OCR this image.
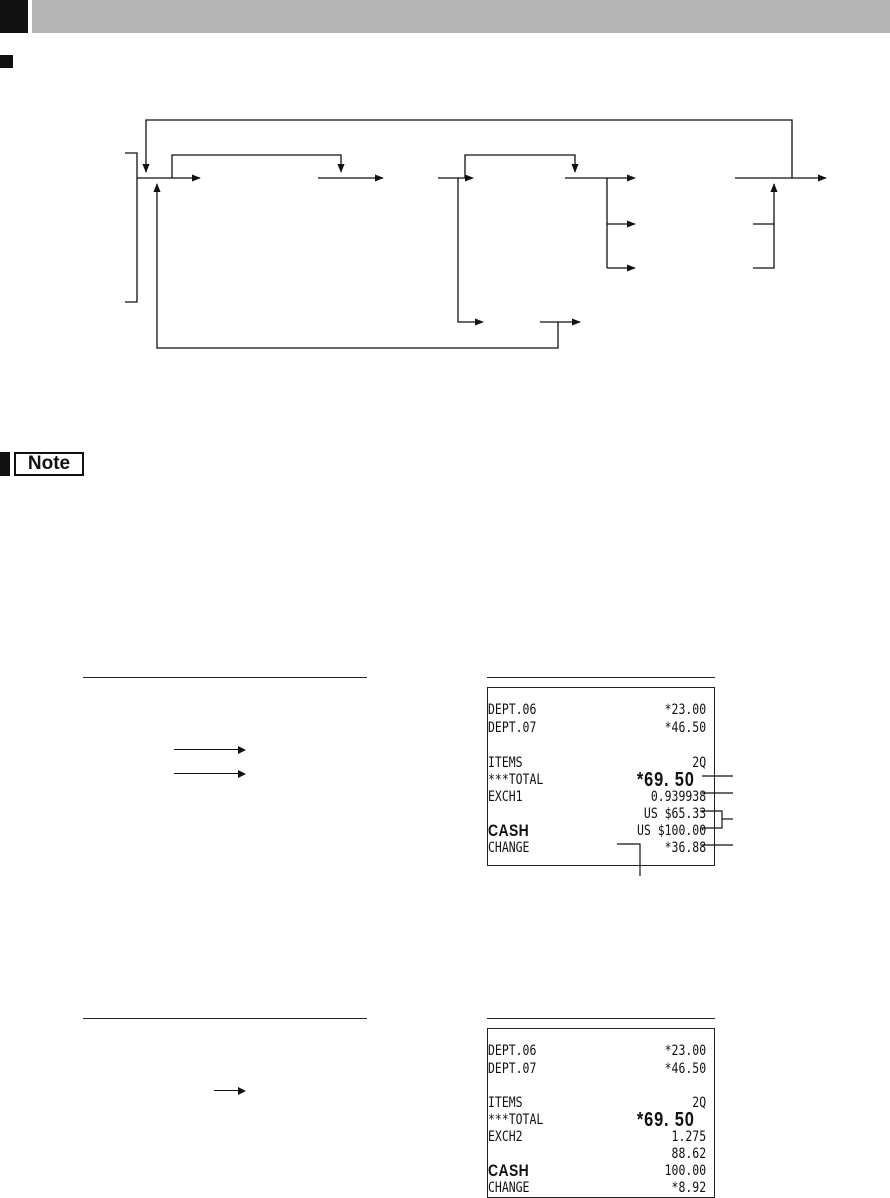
Note
DEPT.06	*23.00
DEPT.07	*46.50
ITEMS	2Q
***TOTAL	*69. 50
EXCH1	0.939938
US $65.33
CASH	US $100.00
CHANGE	*36.88
DEPT.06	*23.00
DEPT.07	*46.50
ITEMS	2Q
***TOTAL	*69. 50
EXCH2	1.275
88.62
CASH	100.00
CHANGE	*8.92
